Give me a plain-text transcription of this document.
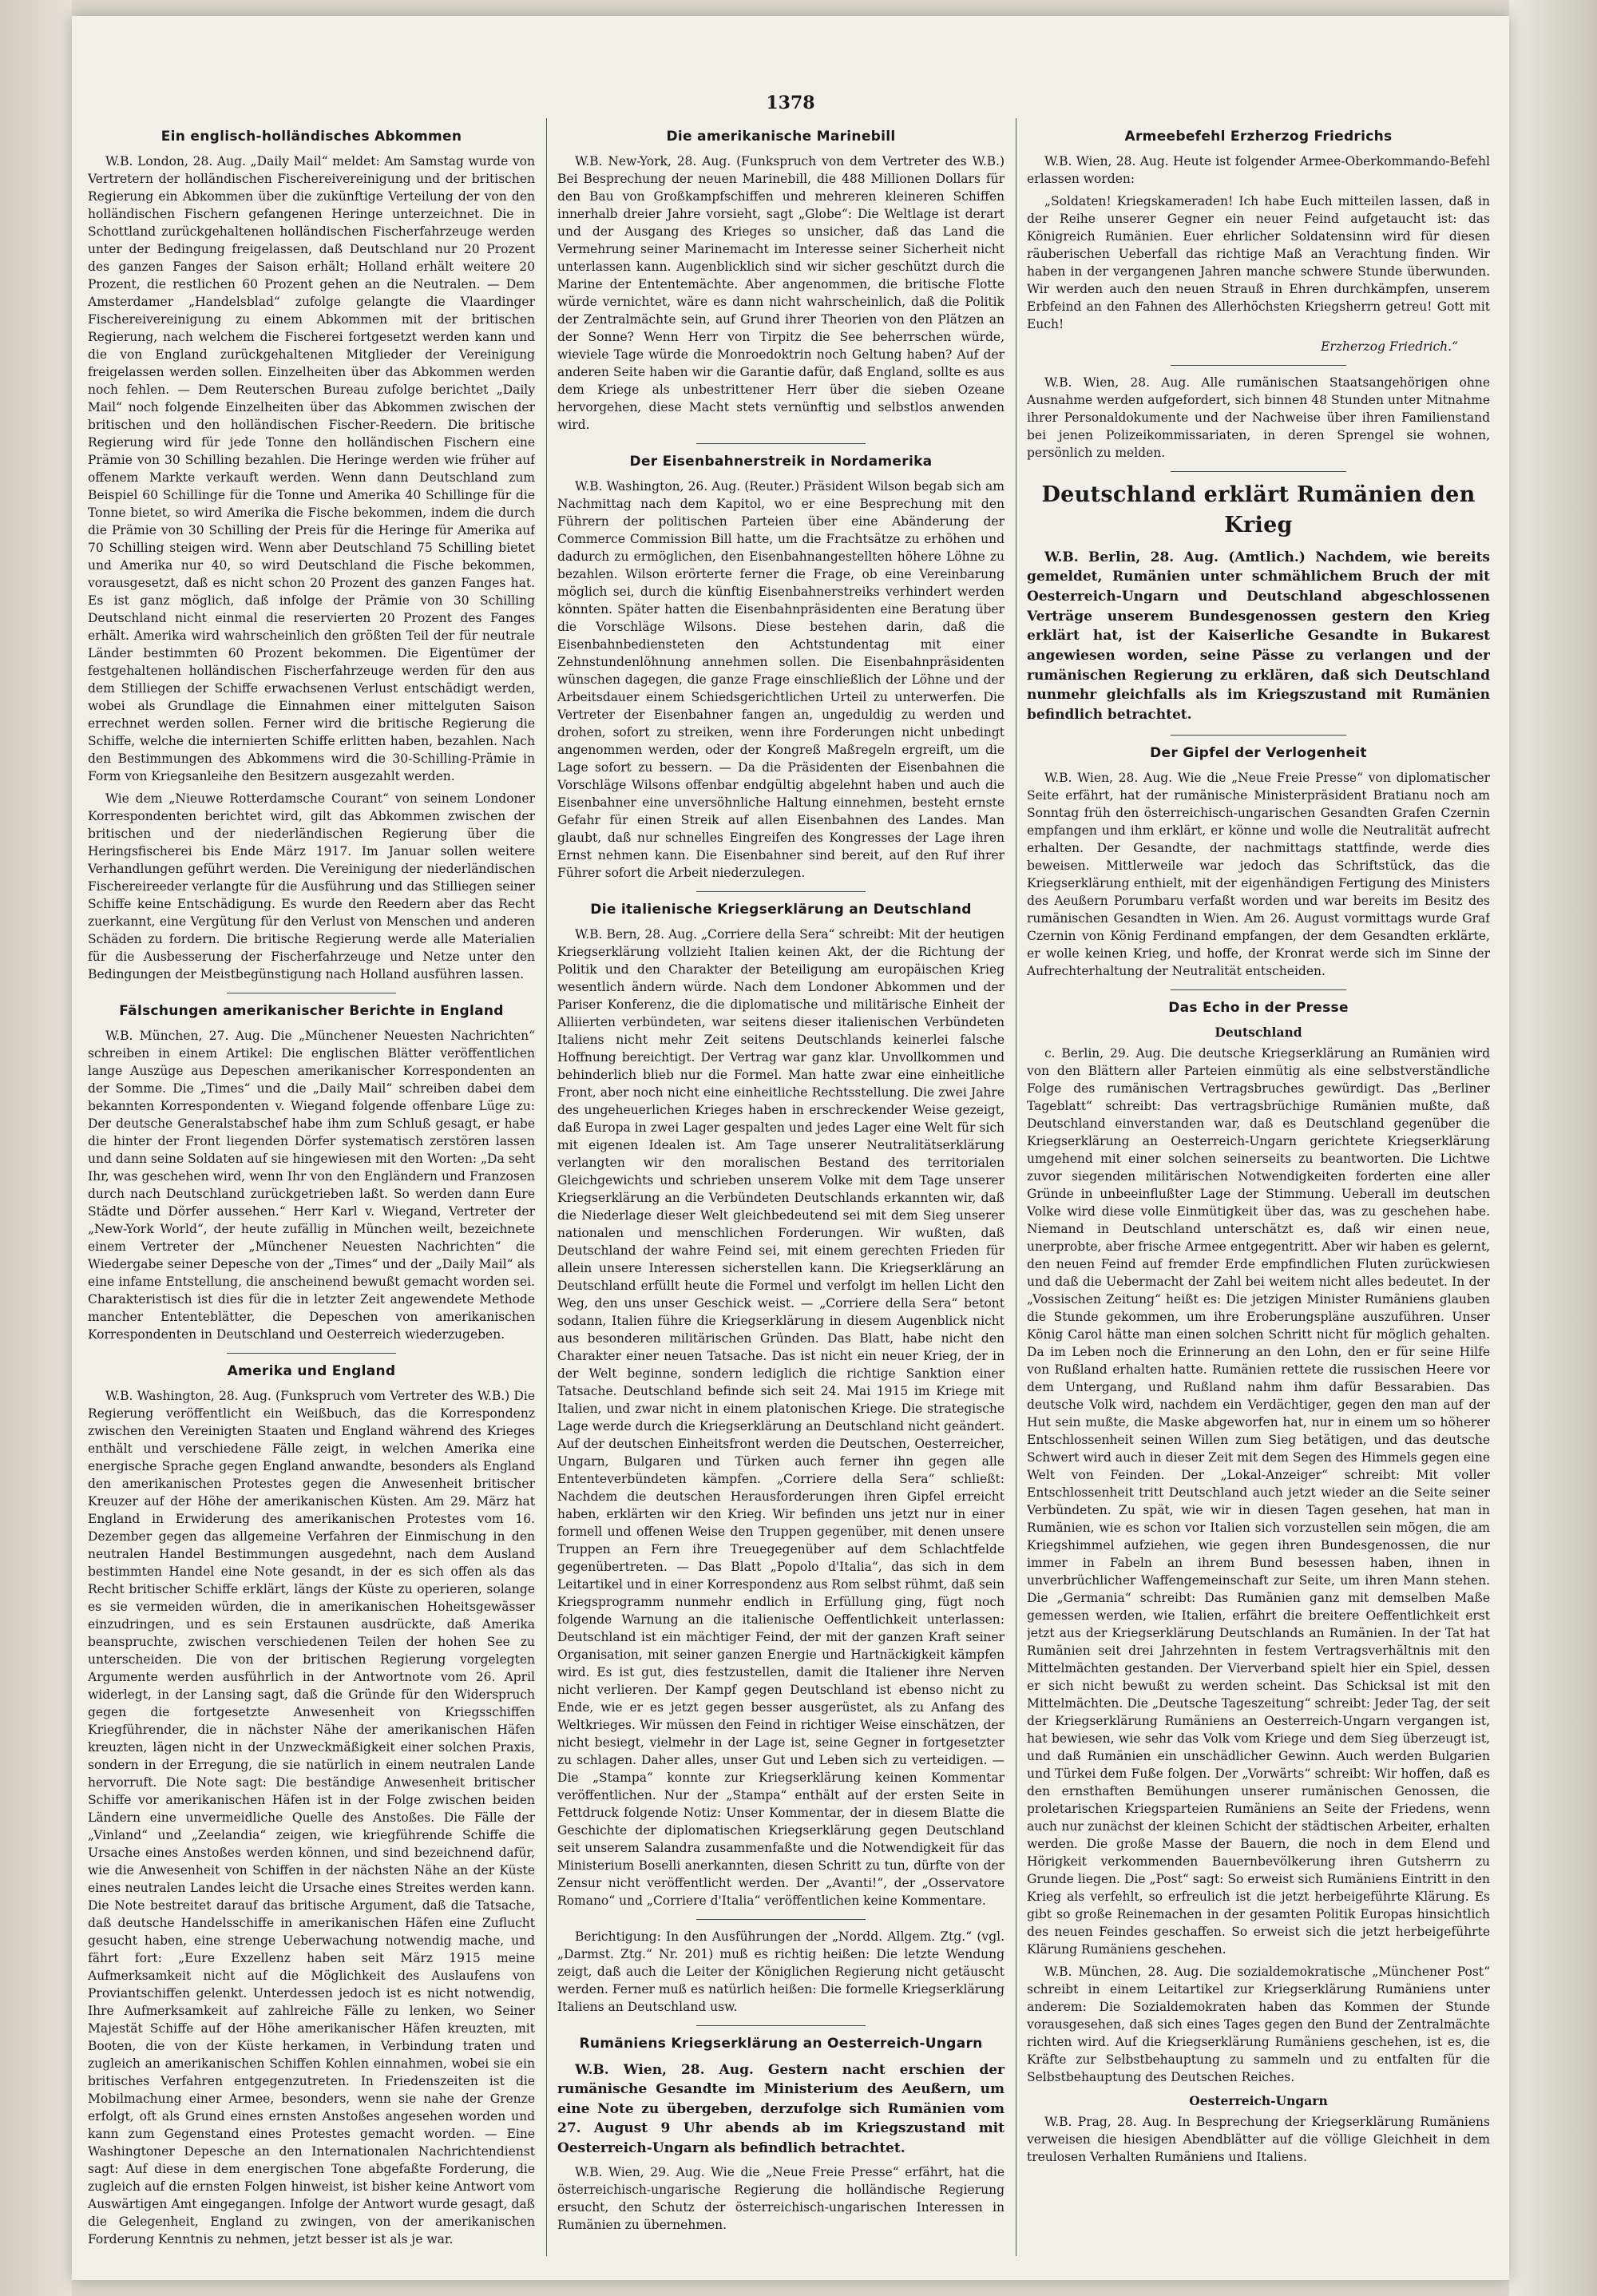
1378
Ein englisch-holländisches Abkommen

W.B. London, 28. Aug. „Daily Mail“ meldet: Am Samstag wurde von Vertretern der holländischen Fischereivereinigung und der britischen Regierung ein Abkommen über die zukünftige Verteilung der von den holländischen Fischern gefangenen Heringe unterzeichnet. Die in Schottland zurückgehaltenen holländischen Fischerfahrzeuge werden unter der Bedingung freigelassen, daß Deutschland nur 20 Prozent des ganzen Fanges der Saison erhält; Holland erhält weitere 20 Prozent, die restlichen 60 Prozent gehen an die Neutralen. — Dem Amsterdamer „Handelsblad“ zufolge gelangte die Vlaardinger Fischereivereinigung zu einem Abkommen mit der britischen Regierung, nach welchem die Fischerei fortgesetzt werden kann und die von England zurückgehaltenen Mitglieder der Vereinigung freigelassen werden sollen. Einzelheiten über das Abkommen werden noch fehlen. — Dem Reuterschen Bureau zufolge berichtet „Daily Mail“ noch folgende Einzelheiten über das Abkommen zwischen der britischen und den holländischen Fischer-Reedern. Die britische Regierung wird für jede Tonne den holländischen Fischern eine Prämie von 30 Schilling bezahlen. Die Heringe werden wie früher auf offenem Markte verkauft werden. Wenn dann Deutschland zum Beispiel 60 Schillinge für die Tonne und Amerika 40 Schillinge für die Tonne bietet, so wird Amerika die Fische bekommen, indem die durch die Prämie von 30 Schilling der Preis für die Heringe für Amerika auf 70 Schilling steigen wird. Wenn aber Deutschland 75 Schilling bietet und Amerika nur 40, so wird Deutschland die Fische bekommen, vorausgesetzt, daß es nicht schon 20 Prozent des ganzen Fanges hat. Es ist ganz möglich, daß infolge der Prämie von 30 Schilling Deutschland nicht einmal die reservierten 20 Prozent des Fanges erhält. Amerika wird wahrscheinlich den größten Teil der für neutrale Länder bestimmten 60 Prozent bekommen. Die Eigentümer der festgehaltenen holländischen Fischerfahrzeuge werden für den aus dem Stilliegen der Schiffe erwachsenen Verlust entschädigt werden, wobei als Grundlage die Einnahmen einer mittelguten Saison errechnet werden sollen. Ferner wird die britische Regierung die Schiffe, welche die internierten Schiffe erlitten haben, bezahlen. Nach den Bestimmungen des Abkommens wird die 30-Schilling-Prämie in Form von Kriegsanleihe den Besitzern ausgezahlt werden.

Wie dem „Nieuwe Rotterdamsche Courant“ von seinem Londoner Korrespondenten berichtet wird, gilt das Abkommen zwischen der britischen und der niederländischen Regierung über die Heringsfischerei bis Ende März 1917. Im Januar sollen weitere Verhandlungen geführt werden. Die Vereinigung der niederländischen Fischereireeder verlangte für die Ausführung und das Stilliegen seiner Schiffe keine Entschädigung. Es wurde den Reedern aber das Recht zuerkannt, eine Vergütung für den Verlust von Menschen und anderen Schäden zu fordern. Die britische Regierung werde alle Materialien für die Ausbesserung der Fischerfahrzeuge und Netze unter den Bedingungen der Meistbegünstigung nach Holland ausführen lassen.

Fälschungen amerikanischer Berichte in England

W.B. München, 27. Aug. Die „Münchener Neuesten Nachrichten“ schreiben in einem Artikel: Die englischen Blätter veröffentlichen lange Auszüge aus Depeschen amerikanischer Korrespondenten an der Somme. Die „Times“ und die „Daily Mail“ schreiben dabei dem bekannten Korrespondenten v. Wiegand folgende offenbare Lüge zu: Der deutsche Generalstabschef habe ihm zum Schluß gesagt, er habe die hinter der Front liegenden Dörfer systematisch zerstören lassen und dann seine Soldaten auf sie hingewiesen mit den Worten: „Da seht Ihr, was geschehen wird, wenn Ihr von den Engländern und Franzosen durch nach Deutschland zurückgetrieben laßt. So werden dann Eure Städte und Dörfer aussehen.“ Herr Karl v. Wiegand, Vertreter der „New-York World“, der heute zufällig in München weilt, bezeichnete einem Vertreter der „Münchener Neuesten Nachrichten“ die Wiedergabe seiner Depesche von der „Times“ und der „Daily Mail“ als eine infame Entstellung, die anscheinend bewußt gemacht worden sei. Charakteristisch ist dies für die in letzter Zeit angewendete Methode mancher Ententeblätter, die Depeschen von amerikanischen Korrespondenten in Deutschland und Oesterreich wiederzugeben.

Amerika und England

W.B. Washington, 28. Aug. (Funkspruch vom Vertreter des W.B.) Die Regierung veröffentlicht ein Weißbuch, das die Korrespondenz zwischen den Vereinigten Staaten und England während des Krieges enthält und verschiedene Fälle zeigt, in welchen Amerika eine energische Sprache gegen England anwandte, besonders als England den amerikanischen Protestes gegen die Anwesenheit britischer Kreuzer auf der Höhe der amerikanischen Küsten. Am 29. März hat England in Erwiderung des amerikanischen Protestes vom 16. Dezember gegen das allgemeine Verfahren der Einmischung in den neutralen Handel Bestimmungen ausgedehnt, nach dem Ausland bestimmten Handel eine Note gesandt, in der es sich offen als das Recht britischer Schiffe erklärt, längs der Küste zu operieren, solange es sie vermeiden würden, die in amerikanischen Hoheitsgewässer einzudringen, und es sein Erstaunen ausdrückte, daß Amerika beanspruchte, zwischen verschiedenen Teilen der hohen See zu unterscheiden. Die von der britischen Regierung vorgelegten Argumente werden ausführlich in der Antwortnote vom 26. April widerlegt, in der Lansing sagt, daß die Gründe für den Widerspruch gegen die fortgesetzte Anwesenheit von Kriegsschiffen Kriegführender, die in nächster Nähe der amerikanischen Häfen kreuzten, lägen nicht in der Unzweckmäßigkeit einer solchen Praxis, sondern in der Erregung, die sie natürlich in einem neutralen Lande hervorruft. Die Note sagt: Die beständige Anwesenheit britischer Schiffe vor amerikanischen Häfen ist in der Folge zwischen beiden Ländern eine unvermeidliche Quelle des Anstoßes. Die Fälle der „Vinland“ und „Zeelandia“ zeigen, wie kriegführende Schiffe die Ursache eines Anstoßes werden können, und sind bezeichnend dafür, wie die Anwesenheit von Schiffen in der nächsten Nähe an der Küste eines neutralen Landes leicht die Ursache eines Streites werden kann. Die Note bestreitet darauf das britische Argument, daß die Tatsache, daß deutsche Handelsschiffe in amerikanischen Häfen eine Zuflucht gesucht haben, eine strenge Ueberwachung notwendig mache, und fährt fort: „Eure Exzellenz haben seit März 1915 meine Aufmerksamkeit nicht auf die Möglichkeit des Auslaufens von Proviantschiffen gelenkt. Unterdessen jedoch ist es nicht notwendig, Ihre Aufmerksamkeit auf zahlreiche Fälle zu lenken, wo Seiner Majestät Schiffe auf der Höhe amerikanischer Häfen kreuzten, mit Booten, die von der Küste herkamen, in Verbindung traten und zugleich an amerikanischen Schiffen Kohlen einnahmen, wobei sie ein britisches Verfahren entgegenzutreten. In Friedenszeiten ist die Mobilmachung einer Armee, besonders, wenn sie nahe der Grenze erfolgt, oft als Grund eines ernsten Anstoßes angesehen worden und kann zum Gegenstand eines Protestes gemacht worden. — Eine Washingtoner Depesche an den Internationalen Nachrichtendienst sagt: Auf diese in dem energischen Tone abgefaßte Forderung, die zugleich auf die ernsten Folgen hinweist, ist bisher keine Antwort vom Auswärtigen Amt eingegangen. Infolge der Antwort wurde gesagt, daß die Gelegenheit, England zu zwingen, von der amerikanischen Forderung Kenntnis zu nehmen, jetzt besser ist als je war.

Die amerikanische Marinebill

W.B. New-York, 28. Aug. (Funkspruch von dem Vertreter des W.B.) Bei Besprechung der neuen Marinebill, die 488 Millionen Dollars für den Bau von Großkampfschiffen und mehreren kleineren Schiffen innerhalb dreier Jahre vorsieht, sagt „Globe“: Die Weltlage ist derart und der Ausgang des Krieges so unsicher, daß das Land die Vermehrung seiner Marinemacht im Interesse seiner Sicherheit nicht unterlassen kann. Augenblicklich sind wir sicher geschützt durch die Marine der Ententemächte. Aber angenommen, die britische Flotte würde vernichtet, wäre es dann nicht wahrscheinlich, daß die Politik der Zentralmächte sein, auf Grund ihrer Theorien von den Plätzen an der Sonne? Wenn Herr von Tirpitz die See beherrschen würde, wieviele Tage würde die Monroedoktrin noch Geltung haben? Auf der anderen Seite haben wir die Garantie dafür, daß England, sollte es aus dem Kriege als unbestrittener Herr über die sieben Ozeane hervorgehen, diese Macht stets vernünftig und selbstlos anwenden wird.

Der Eisenbahnerstreik in Nordamerika

W.B. Washington, 26. Aug. (Reuter.) Präsident Wilson begab sich am Nachmittag nach dem Kapitol, wo er eine Besprechung mit den Führern der politischen Parteien über eine Abänderung der Commerce Commission Bill hatte, um die Frachtsätze zu erhöhen und dadurch zu ermöglichen, den Eisenbahnangestellten höhere Löhne zu bezahlen. Wilson erörterte ferner die Frage, ob eine Vereinbarung möglich sei, durch die künftig Eisenbahnerstreiks verhindert werden könnten. Später hatten die Eisenbahnpräsidenten eine Beratung über die Vorschläge Wilsons. Diese bestehen darin, daß die Eisenbahnbediensteten den Achtstundentag mit einer Zehnstundenlöhnung annehmen sollen. Die Eisenbahnpräsidenten wünschen dagegen, die ganze Frage einschließlich der Löhne und der Arbeitsdauer einem Schiedsgerichtlichen Urteil zu unterwerfen. Die Vertreter der Eisenbahner fangen an, ungeduldig zu werden und drohen, sofort zu streiken, wenn ihre Forderungen nicht unbedingt angenommen werden, oder der Kongreß Maßregeln ergreift, um die Lage sofort zu bessern. — Da die Präsidenten der Eisenbahnen die Vorschläge Wilsons offenbar endgültig abgelehnt haben und auch die Eisenbahner eine unversöhnliche Haltung einnehmen, besteht ernste Gefahr für einen Streik auf allen Eisenbahnen des Landes. Man glaubt, daß nur schnelles Eingreifen des Kongresses der Lage ihren Ernst nehmen kann. Die Eisenbahner sind bereit, auf den Ruf ihrer Führer sofort die Arbeit niederzulegen.

Die italienische Kriegserklärung an Deutschland

W.B. Bern, 28. Aug. „Corriere della Sera“ schreibt: Mit der heutigen Kriegserklärung vollzieht Italien keinen Akt, der die Richtung der Politik und den Charakter der Beteiligung am europäischen Krieg wesentlich ändern würde. Nach dem Londoner Abkommen und der Pariser Konferenz, die die diplomatische und militärische Einheit der Alliierten verbündeten, war seitens dieser italienischen Verbündeten Italiens nicht mehr Zeit seitens Deutschlands keinerlei falsche Hoffnung bereichtigt. Der Vertrag war ganz klar. Unvollkommen und behinderlich blieb nur die Formel. Man hatte zwar eine einheitliche Front, aber noch nicht eine einheitliche Rechtsstellung. Die zwei Jahre des ungeheuerlichen Krieges haben in erschreckender Weise gezeigt, daß Europa in zwei Lager gespalten und jedes Lager eine Welt für sich mit eigenen Idealen ist. Am Tage unserer Neutralitätserklärung verlangten wir den moralischen Bestand des territorialen Gleichgewichts und schrieben unserem Volke mit dem Tage unserer Kriegserklärung an die Verbündeten Deutschlands erkannten wir, daß die Niederlage dieser Welt gleichbedeutend sei mit dem Sieg unserer nationalen und menschlichen Forderungen. Wir wußten, daß Deutschland der wahre Feind sei, mit einem gerechten Frieden für allein unsere Interessen sicherstellen kann. Die Kriegserklärung an Deutschland erfüllt heute die Formel und verfolgt im hellen Licht den Weg, den uns unser Geschick weist. — „Corriere della Sera“ betont sodann, Italien führe die Kriegserklärung in diesem Augenblick nicht aus besonderen militärischen Gründen. Das Blatt, habe nicht den Charakter einer neuen Tatsache. Das ist nicht ein neuer Krieg, der in der Welt beginne, sondern lediglich die richtige Sanktion einer Tatsache. Deutschland befinde sich seit 24. Mai 1915 im Kriege mit Italien, und zwar nicht in einem platonischen Kriege. Die strategische Lage werde durch die Kriegserklärung an Deutschland nicht geändert. Auf der deutschen Einheitsfront werden die Deutschen, Oesterreicher, Ungarn, Bulgaren und Türken auch ferner ihn gegen alle Ententeverbündeten kämpfen. „Corriere della Sera“ schließt: Nachdem die deutschen Herausforderungen ihren Gipfel erreicht haben, erklärten wir den Krieg. Wir befinden uns jetzt nur in einer formell und offenen Weise den Truppen gegenüber, mit denen unsere Truppen an Fern ihre Treuegegenüber auf dem Schlachtfelde gegenübertreten. — Das Blatt „Popolo d'Italia“, das sich in dem Leitartikel und in einer Korrespondenz aus Rom selbst rühmt, daß sein Kriegsprogramm nunmehr endlich in Erfüllung ging, fügt noch folgende Warnung an die italienische Oeffentlichkeit unterlassen: Deutschland ist ein mächtiger Feind, der mit der ganzen Kraft seiner Organisation, mit seiner ganzen Energie und Hartnäckigkeit kämpfen wird. Es ist gut, dies festzustellen, damit die Italiener ihre Nerven nicht verlieren. Der Kampf gegen Deutschland ist ebenso nicht zu Ende, wie er es jetzt gegen besser ausgerüstet, als zu Anfang des Weltkrieges. Wir müssen den Feind in richtiger Weise einschätzen, der nicht besiegt, vielmehr in der Lage ist, seine Gegner in fortgesetzter zu schlagen. Daher alles, unser Gut und Leben sich zu verteidigen. — Die „Stampa“ konnte zur Kriegserklärung keinen Kommentar veröffentlichen. Nur der „Stampa“ enthält auf der ersten Seite in Fettdruck folgende Notiz: Unser Kommentar, der in diesem Blatte die Geschichte der diplomatischen Kriegserklärung gegen Deutschland seit unserem Salandra zusammenfaßte und die Notwendigkeit für das Ministerium Boselli anerkannten, diesen Schritt zu tun, dürfte von der Zensur nicht veröffentlicht werden. Der „Avanti!“, der „Osservatore Romano“ und „Corriere d'Italia“ veröffentlichen keine Kommentare.

Berichtigung: In den Ausführungen der „Nordd. Allgem. Ztg.“ (vgl. „Darmst. Ztg.“ Nr. 201) muß es richtig heißen: Die letzte Wendung zeigt, daß auch die Leiter der Königlichen Regierung nicht getäuscht werden. Ferner muß es natürlich heißen: Die formelle Kriegserklärung Italiens an Deutschland usw.

Rumäniens Kriegserklärung an Oesterreich-Ungarn

W.B. Wien, 28. Aug. Gestern nacht erschien der rumänische Gesandte im Ministerium des Aeußern, um eine Note zu übergeben, derzufolge sich Rumänien vom 27. August 9 Uhr abends ab im Kriegszustand mit Oesterreich-Ungarn als befindlich betrachtet.

W.B. Wien, 29. Aug. Wie die „Neue Freie Presse“ erfährt, hat die österreichisch-ungarische Regierung die holländische Regierung ersucht, den Schutz der österreichisch-ungarischen Interessen in Rumänien zu übernehmen.

Armeebefehl Erzherzog Friedrichs

W.B. Wien, 28. Aug. Heute ist folgender Armee-Oberkommando-Befehl erlassen worden:

„Soldaten! Kriegskameraden! Ich habe Euch mitteilen lassen, daß in der Reihe unserer Gegner ein neuer Feind aufgetaucht ist: das Königreich Rumänien. Euer ehrlicher Soldatensinn wird für diesen räuberischen Ueberfall das richtige Maß an Verachtung finden. Wir haben in der vergangenen Jahren manche schwere Stunde überwunden. Wir werden auch den neuen Strauß in Ehren durchkämpfen, unserem Erbfeind an den Fahnen des Allerhöchsten Kriegsherrn getreu! Gott mit Euch!

Erzherzog Friedrich.“

W.B. Wien, 28. Aug. Alle rumänischen Staatsangehörigen ohne Ausnahme werden aufgefordert, sich binnen 48 Stunden unter Mitnahme ihrer Personaldokumente und der Nachweise über ihren Familienstand bei jenen Polizeikommissariaten, in deren Sprengel sie wohnen, persönlich zu melden.

Deutschland erklärt Rumänien den Krieg

W.B. Berlin, 28. Aug. (Amtlich.) Nachdem, wie bereits gemeldet, Rumänien unter schmählichem Bruch der mit Oesterreich-Ungarn und Deutschland abgeschlossenen Verträge unserem Bundesgenossen gestern den Krieg erklärt hat, ist der Kaiserliche Gesandte in Bukarest angewiesen worden, seine Pässe zu verlangen und der rumänischen Regierung zu erklären, daß sich Deutschland nunmehr gleichfalls als im Kriegszustand mit Rumänien befindlich betrachtet.

Der Gipfel der Verlogenheit

W.B. Wien, 28. Aug. Wie die „Neue Freie Presse“ von diplomatischer Seite erfährt, hat der rumänische Ministerpräsident Bratianu noch am Sonntag früh den österreichisch-ungarischen Gesandten Grafen Czernin empfangen und ihm erklärt, er könne und wolle die Neutralität aufrecht erhalten. Der Gesandte, der nachmittags stattfinde, werde dies beweisen. Mittlerweile war jedoch das Schriftstück, das die Kriegserklärung enthielt, mit der eigenhändigen Fertigung des Ministers des Aeußern Porumbaru verfaßt worden und war bereits im Besitz des rumänischen Gesandten in Wien. Am 26. August vormittags wurde Graf Czernin von König Ferdinand empfangen, der dem Gesandten erklärte, er wolle keinen Krieg, und hoffe, der Kronrat werde sich im Sinne der Aufrechterhaltung der Neutralität entscheiden.

Das Echo in der Presse
Deutschland

c. Berlin, 29. Aug. Die deutsche Kriegserklärung an Rumänien wird von den Blättern aller Parteien einmütig als eine selbstverständliche Folge des rumänischen Vertragsbruches gewürdigt. Das „Berliner Tageblatt“ schreibt: Das vertragsbrüchige Rumänien mußte, daß Deutschland einverstanden war, daß es Deutschland gegenüber die Kriegserklärung an Oesterreich-Ungarn gerichtete Kriegserklärung umgehend mit einer solchen seinerseits zu beantworten. Die Lichtwe zuvor siegenden militärischen Notwendigkeiten forderten eine aller Gründe in unbeeinflußter Lage der Stimmung. Ueberall im deutschen Volke wird diese volle Einmütigkeit über das, was zu geschehen habe. Niemand in Deutschland unterschätzt es, daß wir einen neue, unerprobte, aber frische Armee entgegentritt. Aber wir haben es gelernt, den neuen Feind auf fremder Erde empfindlichen Fluten zurückwiesen und daß die Uebermacht der Zahl bei weitem nicht alles bedeutet. In der „Vossischen Zeitung“ heißt es: Die jetzigen Minister Rumäniens glauben die Stunde gekommen, um ihre Eroberungspläne auszuführen. Unser König Carol hätte man einen solchen Schritt nicht für möglich gehalten. Da im Leben noch die Erinnerung an den Lohn, den er für seine Hilfe von Rußland erhalten hatte. Rumänien rettete die russischen Heere vor dem Untergang, und Rußland nahm ihm dafür Bessarabien. Das deutsche Volk wird, nachdem ein Verdächtiger, gegen den man auf der Hut sein mußte, die Maske abgeworfen hat, nur in einem um so höherer Entschlossenheit seinen Willen zum Sieg betätigen, und das deutsche Schwert wird auch in dieser Zeit mit dem Segen des Himmels gegen eine Welt von Feinden. Der „Lokal-Anzeiger“ schreibt: Mit voller Entschlossenheit tritt Deutschland auch jetzt wieder an die Seite seiner Verbündeten. Zu spät, wie wir in diesen Tagen gesehen, hat man in Rumänien, wie es schon vor Italien sich vorzustellen sein mögen, die am Kriegshimmel aufziehen, wie gegen ihren Bundesgenossen, die nur immer in Fabeln an ihrem Bund besessen haben, ihnen in unverbrüchlicher Waffengemeinschaft zur Seite, um ihren Mann stehen. Die „Germania“ schreibt: Das Rumänien ganz mit demselben Maße gemessen werden, wie Italien, erfährt die breitere Oeffentlichkeit erst jetzt aus der Kriegserklärung Deutschlands an Rumänien. In der Tat hat Rumänien seit drei Jahrzehnten in festem Vertragsverhältnis mit den Mittelmächten gestanden. Der Vierverband spielt hier ein Spiel, dessen er sich nicht bewußt zu werden scheint. Das Schicksal ist mit den Mittelmächten. Die „Deutsche Tageszeitung“ schreibt: Jeder Tag, der seit der Kriegserklärung Rumäniens an Oesterreich-Ungarn vergangen ist, hat bewiesen, wie sehr das Volk vom Kriege und dem Sieg überzeugt ist, und daß Rumänien ein unschädlicher Gewinn. Auch werden Bulgarien und Türkei dem Fuße folgen. Der „Vorwärts“ schreibt: Wir hoffen, daß es den ernsthaften Bemühungen unserer rumänischen Genossen, die proletarischen Kriegsparteien Rumäniens an Seite der Friedens, wenn auch nur zunächst der kleinen Schicht der städtischen Arbeiter, erhalten werden. Die große Masse der Bauern, die noch in dem Elend und Hörigkeit verkommenden Bauernbevölkerung ihren Gutsherrn zu Grunde liegen. Die „Post“ sagt: So erweist sich Rumäniens Eintritt in den Krieg als verfehlt, so erfreulich ist die jetzt herbeigeführte Klärung. Es gibt so große Reinemachen in der gesamten Politik Europas hinsichtlich des neuen Feindes geschaffen. So erweist sich die jetzt herbeigeführte Klärung Rumäniens geschehen.

W.B. München, 28. Aug. Die sozialdemokratische „Münchener Post“ schreibt in einem Leitartikel zur Kriegserklärung Rumäniens unter anderem: Die Sozialdemokraten haben das Kommen der Stunde vorausgesehen, daß sich eines Tages gegen den Bund der Zentralmächte richten wird. Auf die Kriegserklärung Rumäniens geschehen, ist es, die Kräfte zur Selbstbehauptung zu sammeln und zu entfalten für die Selbstbehauptung des Deutschen Reiches.

Oesterreich-Ungarn

W.B. Prag, 28. Aug. In Besprechung der Kriegserklärung Rumäniens verweisen die hiesigen Abendblätter auf die völlige Gleichheit in dem treulosen Verhalten Rumäniens und Italiens.
